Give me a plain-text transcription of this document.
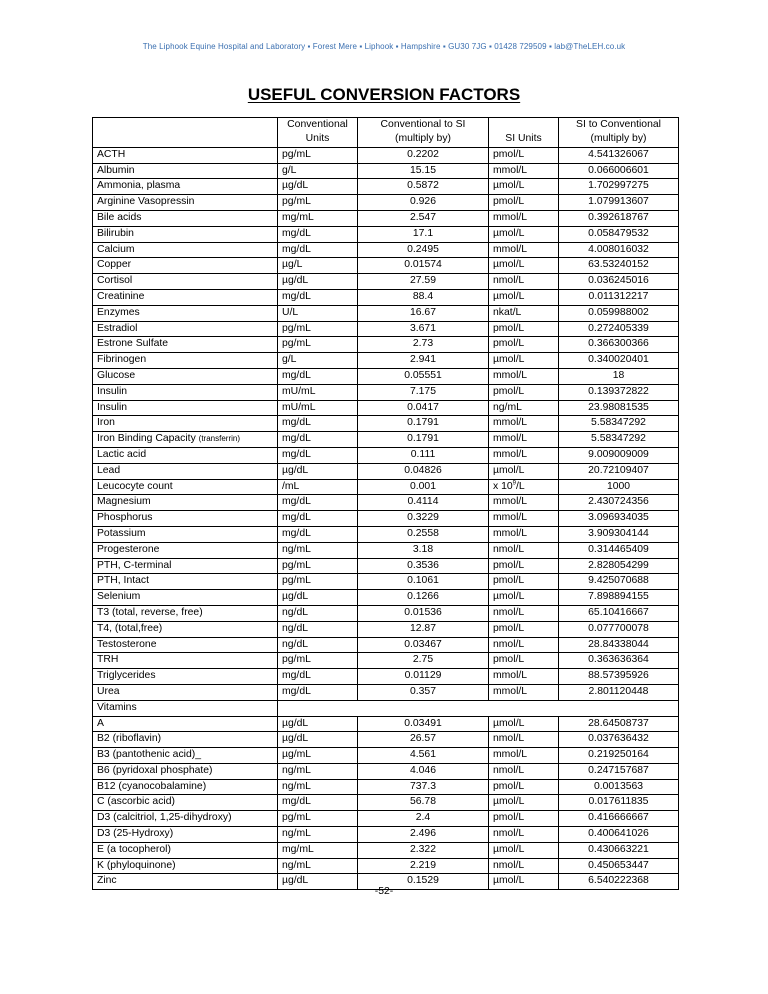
The Liphook Equine Hospital and Laboratory ▪ Forest Mere ▪ Liphook ▪ Hampshire ▪ GU30 7JG ▪ 01428 729509 ▪ lab@TheLEH.co.uk
USEFUL CONVERSION FACTORS
	Conventional	Conventional to SI		SI to Conventional
	Units	(multiply by)	SI Units	(multiply by)
ACTH	pg/mL	0.2202	pmol/L	4.541326067
Albumin	g/L	15.15	mmol/L	0.066006601
Ammonia, plasma	µg/dL	0.5872	µmol/L	1.702997275
Arginine Vasopressin	pg/mL	0.926	pmol/L	1.079913607
Bile acids	mg/mL	2.547	mmol/L	0.392618767
Bilirubin	mg/dL	17.1	µmol/L	0.058479532
Calcium	mg/dL	0.2495	mmol/L	4.008016032
Copper	µg/L	0.01574	µmol/L	63.53240152
Cortisol	µg/dL	27.59	nmol/L	0.036245016
Creatinine	mg/dL	88.4	µmol/L	0.011312217
Enzymes	U/L	16.67	nkat/L	0.059988002
Estradiol	pg/mL	3.671	pmol/L	0.272405339
Estrone Sulfate	pg/mL	2.73	pmol/L	0.366300366
Fibrinogen	g/L	2.941	µmol/L	0.340020401
Glucose	mg/dL	0.05551	mmol/L	18
Insulin	mU/mL	7.175	pmol/L	0.139372822
Insulin	mU/mL	0.0417	ng/mL	23.98081535
Iron	mg/dL	0.1791	mmol/L	5.58347292
Iron Binding Capacity (transferrin)	mg/dL	0.1791	mmol/L	5.58347292
Lactic acid	mg/dL	0.111	mmol/L	9.009009009
Lead	µg/dL	0.04826	µmol/L	20.72109407
Leucocyte count	/mL	0.001	x $10^9/L$	1000
Magnesium	mg/dL	0.4114	mmol/L	2.430724356
Phosphorus	mg/dL	0.3229	mmol/L	3.096934035
Potassium	mg/dL	0.2558	mmol/L	3.909304144
Progesterone	ng/mL	3.18	nmol/L	0.314465409
PTH, C-terminal	pg/mL	0.3536	pmol/L	2.828054299
PTH, Intact	pg/mL	0.1061	pmol/L	9.425070688
Selenium	µg/dL	0.1266	µmol/L	7.898894155
T3 (total, reverse, free)	ng/dL	0.01536	nmol/L	65.10416667
T4, (total,free)	ng/dL	12.87	pmol/L	0.077700078
Testosterone	ng/dL	0.03467	nmol/L	28.84338044
TRH	pg/mL	2.75	pmol/L	0.363636364
Triglycerides	mg/dL	0.01129	mmol/L	88.57395926
Urea	mg/dL	0.357	mmol/L	2.801120448
Vitamins				
A	µg/dL	0.03491	µmol/L	28.64508737
B2 (riboflavin)	µg/dL	26.57	nmol/L	0.037636432
B3 (pantothenic acid)_	µg/mL	4.561	mmol/L	0.219250164
B6 (pyridoxal phosphate)	ng/mL	4.046	nmol/L	0.247157687
B12 (cyanocobalamine)	ng/mL	737.3	pmol/L	0.0013563
C (ascorbic acid)	mg/dL	56.78	µmol/L	0.017611835
D3 (calcitriol, 1,25-dihydroxy)	pg/mL	2.4	pmol/L	0.416666667
D3 (25-Hydroxy)	ng/mL	2.496	nmol/L	0.400641026
E (a tocopherol)	mg/mL	2.322	µmol/L	0.430663221
K (phyloquinone)	ng/mL	2.219	nmol/L	0.450653447
Zinc	µg/dL	0.1529	µmol/L	6.540222368
-52-
